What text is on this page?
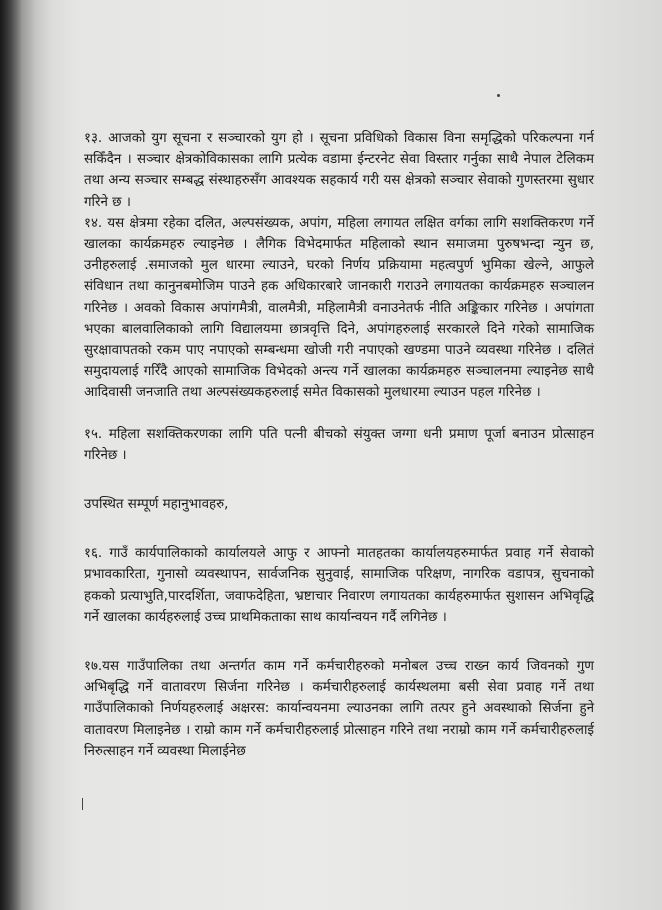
१३. आजको युग सूचना र सञ्चारको युग हो । सूचना प्रविधिको विकास विना समृद्धिको परिकल्पना गर्न सकिँदैन । सञ्चार क्षेत्रकोविकासका लागि प्रत्येक वडामा ईन्टरनेट सेवा विस्तार गर्नुका साथै नेपाल टेलिकम तथा अन्य सञ्चार सम्बद्ध संस्थाहरुसँग आवश्यक सहकार्य गरी यस क्षेत्रको सञ्चार सेवाको गुणस्तरमा सुधार गरिने छ ।

१४. यस क्षेत्रमा रहेका दलित, अल्पसंख्यक, अपांग, महिला लगायत लक्षित वर्गका लागि सशक्तिकरण गर्ने खालका कार्यक्रमहरु ल्याइनेछ । लैगिक विभेदमार्फत महिलाको स्थान समाजमा पुरुषभन्दा न्युन छ, उनीहरुलाई .समाजको मुल धारमा ल्याउने, घरको निर्णय प्रक्रियामा महत्वपुर्ण भुमिका खेल्ने, आफुले संविधान तथा कानुनबमोजिम पाउने हक अधिकारबारे जानकारी गराउने लगायतका कार्यक्रमहरु सञ्चालन गरिनेछ । अवको विकास अपांगमैत्री, वालमैत्री, महिलामैत्री वनाउनेतर्फ नीति अङ्किकार गरिनेछ । अपांगता भएका बालवालिकाको लागि विद्यालयमा छात्रवृत्ति दिने, अपांगहरुलाई सरकारले दिने गरेको सामाजिक सुरक्षावापतको रकम पाए नपाएको सम्बन्धमा खोजी गरी नपाएको खण्डमा पाउने व्यवस्था गरिनेछ । दलितं समुदायलाई गरिँदै आएको सामाजिक विभेदको अन्त्य गर्ने खालका कार्यक्रमहरु सञ्चालनमा ल्याइनेछ साथै आदिवासी जनजाति तथा अल्पसंख्यकहरुलाई समेत विकासको मुलधारमा ल्याउन पहल गरिनेछ ।

१५. महिला सशक्तिकरणका लागि पति पत्नी बीचको संयुक्त जग्गा धनी प्रमाण पूर्जा बनाउन प्रोत्साहन गरिनेछ ।

उपस्थित सम्पूर्ण महानुभावहरु,

१६. गाउँ कार्यपालिकाको कार्यालयले आफु र आफ्नो मातहतका कार्यालयहरुमार्फत प्रवाह गर्ने सेवाको प्रभावकारिता, गुनासो व्यवस्थापन, सार्वजनिक सुनुवाई, सामाजिक परिक्षण, नागरिक वडापत्र, सुचनाको हकको प्रत्याभुति,पारदर्शिता, जवाफदेहिता, भ्रष्टाचार निवारण लगायतका कार्यहरुमार्फत सुशासन अभिवृद्धि गर्ने खालका कार्यहरुलाई उच्च प्राथमिकताका साथ कार्यान्वयन गर्दै लगिनेछ ।

१७.यस गाउँपालिका तथा अन्तर्गत काम गर्ने कर्मचारीहरुको मनोबल उच्च राख्न कार्य जिवनको गुण अभिबृद्धि गर्ने वातावरण सिर्जना गरिनेछ । कर्मचारीहरुलाई कार्यस्थलमा बसी सेवा प्रवाह गर्ने तथा गाउँपालिकाको निर्णयहरुलाई अक्षरस: कार्यान्वयनमा ल्याउनका लागि तत्पर हुने अवस्थाको सिर्जना हुने वातावरण मिलाइनेछ । राम्रो काम गर्ने कर्मचारीहरुलाई प्रोत्साहन गरिने तथा नराम्रो काम गर्ने कर्मचारीहरुलाई निरुत्साहन गर्ने व्यवस्था मिलाईनेछ
